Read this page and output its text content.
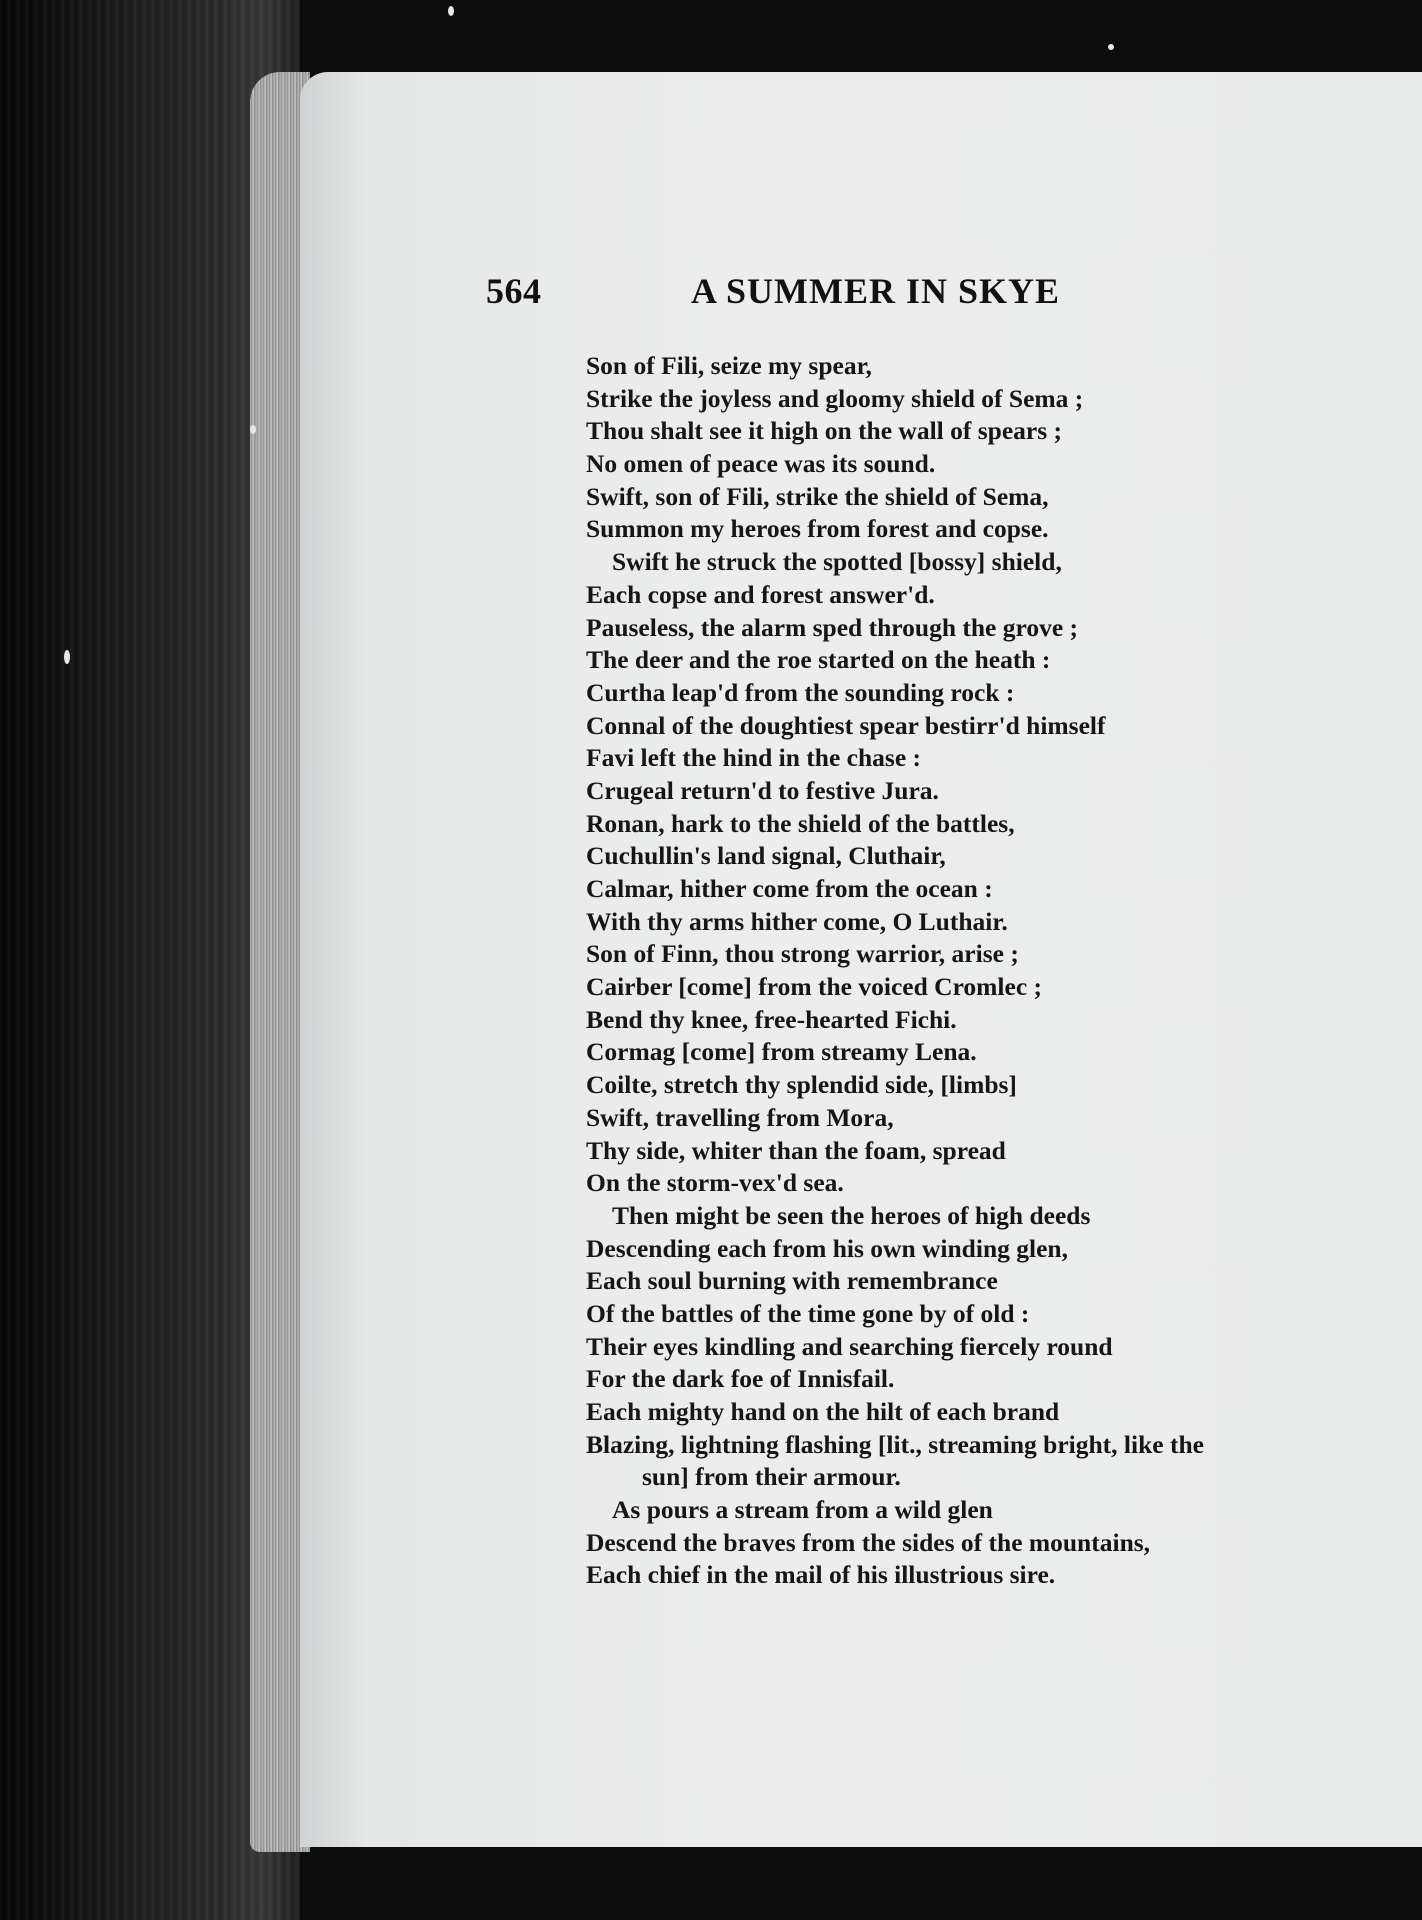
564	A SUMMER IN SKYE
Son of Fili, seize my spear,
Strike the joyless and gloomy shield of Sema ;
Thou shalt see it high on the wall of spears ;
No omen of peace was its sound.
Swift, son of Fili, strike the shield of Sema,
Summon my heroes from forest and copse.
Swift he struck the spotted [bossy] shield,
Each copse and forest answer'd.
Pauseless, the alarm sped through the grove ;
The deer and the roe started on the heath :
Curtha leap'd from the sounding rock :
Connal of the doughtiest spear bestirr'd himself
Favi left the hind in the chase :
Crugeal return'd to festive Jura.
Ronan, hark to the shield of the battles,
Cuchullin's land signal, Cluthair,
Calmar, hither come from the ocean :
With thy arms hither come, O Luthair.
Son of Finn, thou strong warrior, arise ;
Cairber [come] from the voiced Cromlec ;
Bend thy knee, free-hearted Fichi.
Cormag [come] from streamy Lena.
Coilte, stretch thy splendid side, [limbs]
Swift, travelling from Mora,
Thy side, whiter than the foam, spread
On the storm-vex'd sea.
Then might be seen the heroes of high deeds
Descending each from his own winding glen,
Each soul burning with remembrance
Of the battles of the time gone by of old :
Their eyes kindling and searching fiercely round
For the dark foe of Innisfail.
Each mighty hand on the hilt of each brand
Blazing, lightning flashing [lit., streaming bright, like the
sun] from their armour.
As pours a stream from a wild glen
Descend the braves from the sides of the mountains,
Each chief in the mail of his illustrious sire.
